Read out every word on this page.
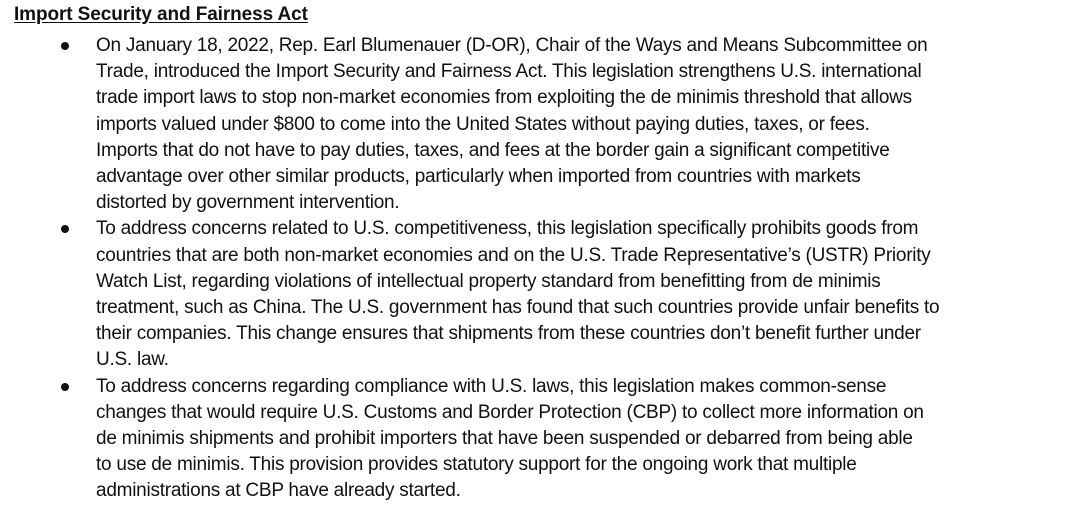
Import Security and Fairness Act
On January 18, 2022, Rep. Earl Blumenauer (D-OR), Chair of the Ways and Means Subcommittee on
Trade, introduced the Import Security and Fairness Act. This legislation strengthens U.S. international
trade import laws to stop non-market economies from exploiting the de minimis threshold that allows
imports valued under $800 to come into the United States without paying duties, taxes, or fees.
Imports that do not have to pay duties, taxes, and fees at the border gain a significant competitive
advantage over other similar products, particularly when imported from countries with markets
distorted by government intervention.
To address concerns related to U.S. competitiveness, this legislation specifically prohibits goods from
countries that are both non-market economies and on the U.S. Trade Representative’s (USTR) Priority
Watch List, regarding violations of intellectual property standard from benefitting from de minimis
treatment, such as China. The U.S. government has found that such countries provide unfair benefits to
their companies. This change ensures that shipments from these countries don’t benefit further under
U.S. law.
To address concerns regarding compliance with U.S. laws, this legislation makes common-sense
changes that would require U.S. Customs and Border Protection (CBP) to collect more information on
de minimis shipments and prohibit importers that have been suspended or debarred from being able
to use de minimis. This provision provides statutory support for the ongoing work that multiple
administrations at CBP have already started.
